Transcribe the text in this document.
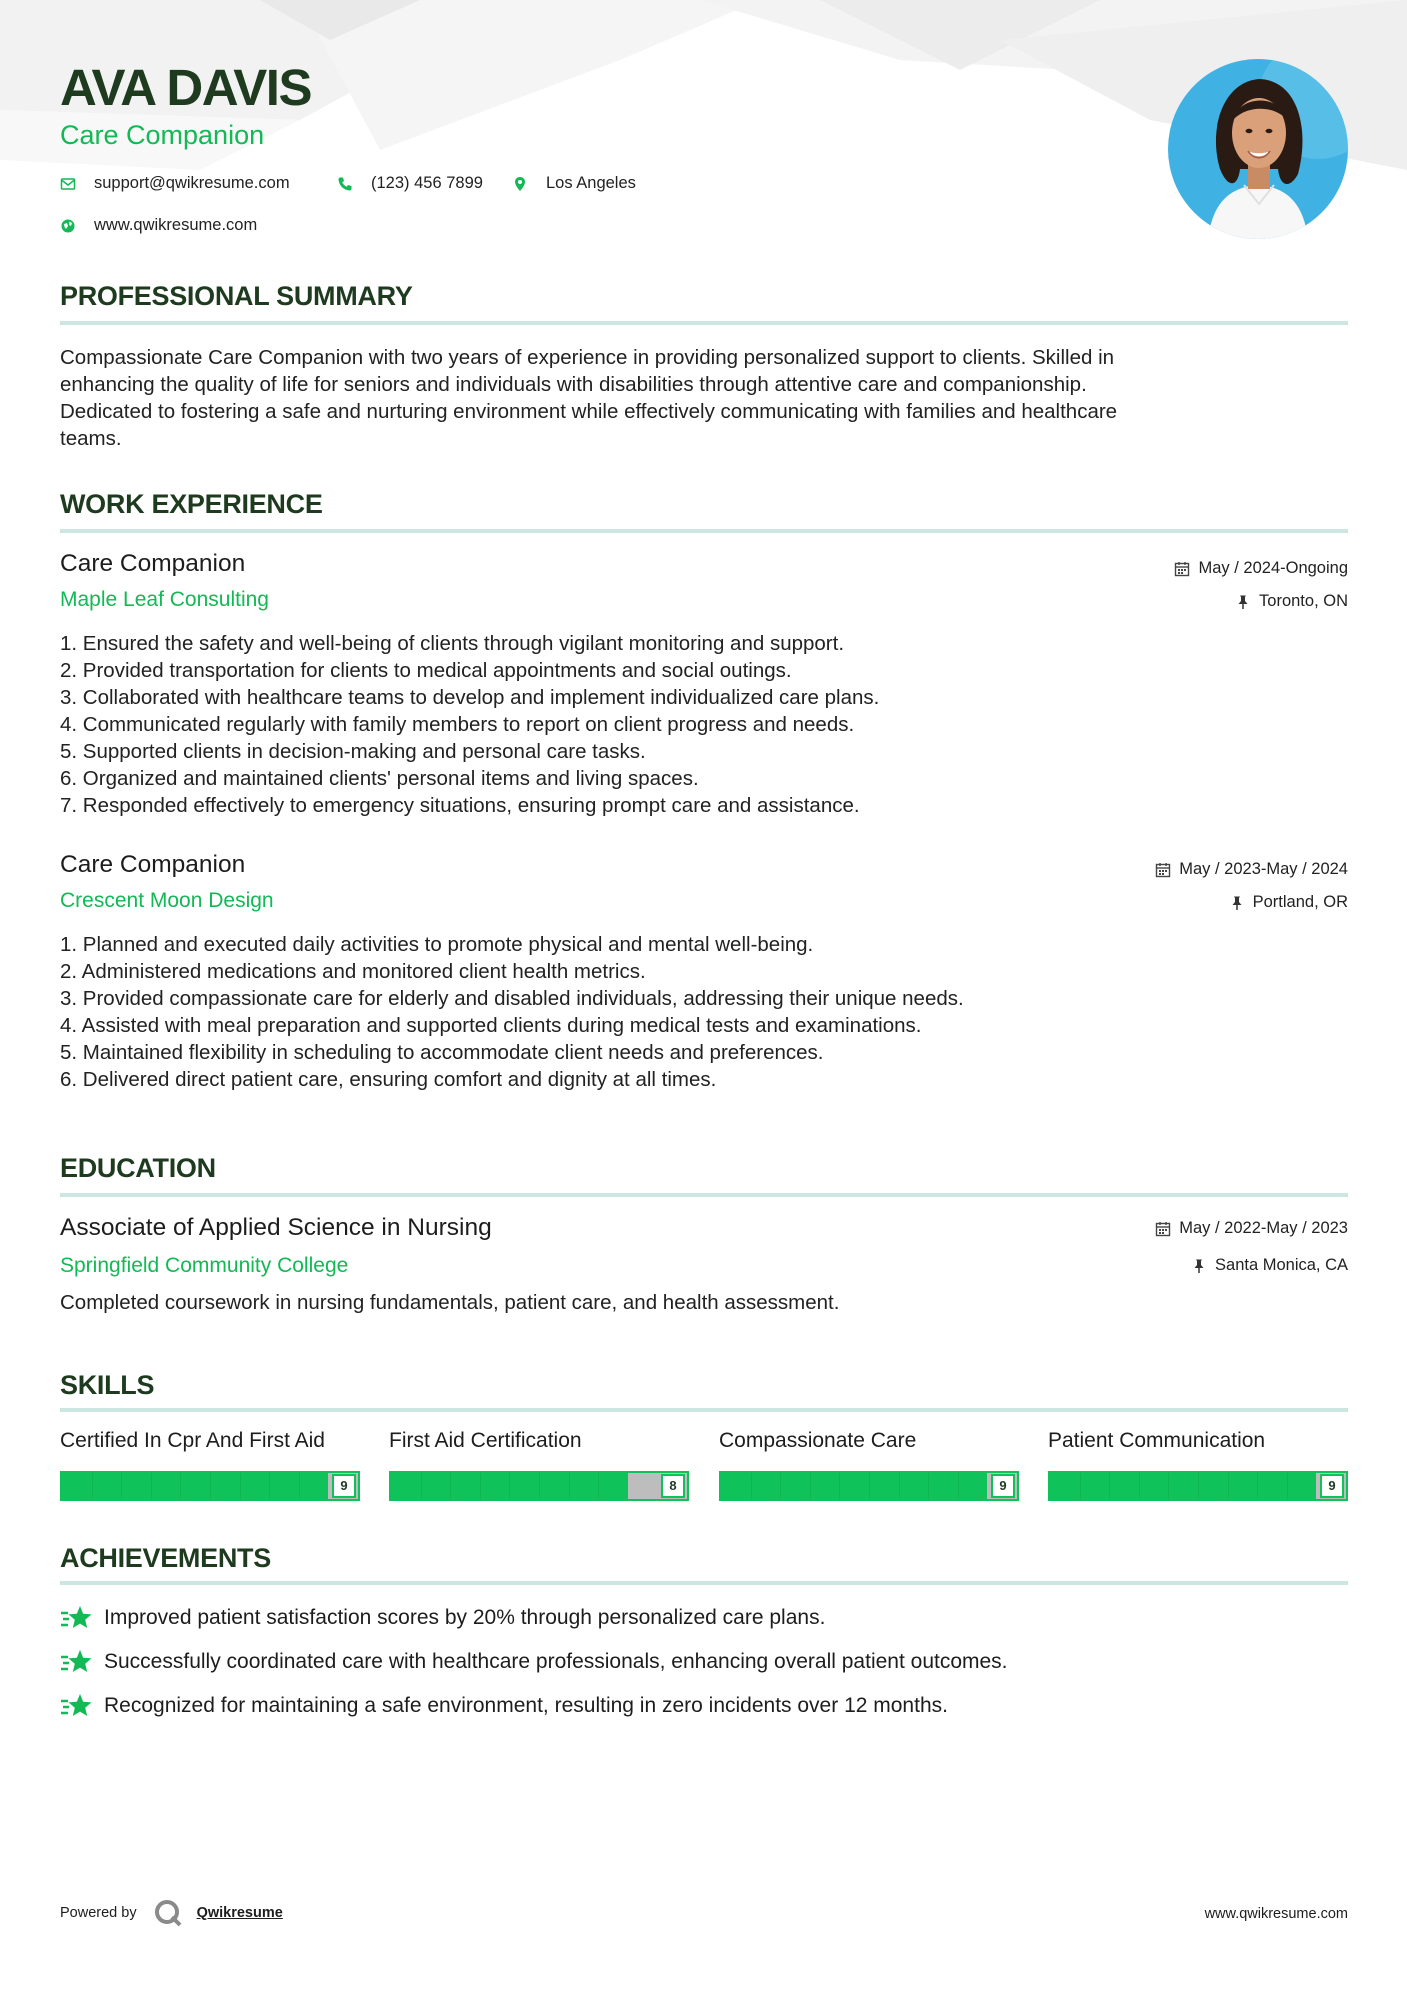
AVA DAVIS
Care Companion
support@qwikresume.com	(123) 456 7899	Los Angeles
www.qwikresume.com
PROFESSIONAL SUMMARY
Compassionate Care Companion with two years of experience in providing personalized support to clients. Skilled in
enhancing the quality of life for seniors and individuals with disabilities through attentive care and companionship.
Dedicated to fostering a safe and nurturing environment while effectively communicating with families and healthcare
teams.
WORK EXPERIENCE
Care Companion
Maple Leaf Consulting
May / 2024-Ongoing
Toronto, ON
1. Ensured the safety and well-being of clients through vigilant monitoring and support.
2. Provided transportation for clients to medical appointments and social outings.
3. Collaborated with healthcare teams to develop and implement individualized care plans.
4. Communicated regularly with family members to report on client progress and needs.
5. Supported clients in decision-making and personal care tasks.
6. Organized and maintained clients' personal items and living spaces.
7. Responded effectively to emergency situations, ensuring prompt care and assistance.
Care Companion
Crescent Moon Design
May / 2023-May / 2024
Portland, OR
1. Planned and executed daily activities to promote physical and mental well-being.
2. Administered medications and monitored client health metrics.
3. Provided compassionate care for elderly and disabled individuals, addressing their unique needs.
4. Assisted with meal preparation and supported clients during medical tests and examinations.
5. Maintained flexibility in scheduling to accommodate client needs and preferences.
6. Delivered direct patient care, ensuring comfort and dignity at all times.
EDUCATION
Associate of Applied Science in Nursing
Springfield Community College
May / 2022-May / 2023
Santa Monica, CA
Completed coursework in nursing fundamentals, patient care, and health assessment.
SKILLS
Certified In Cpr And First Aid
9
First Aid Certification
8
Compassionate Care
9
Patient Communication
9
ACHIEVEMENTS
Improved patient satisfaction scores by 20% through personalized care plans.
Successfully coordinated care with healthcare professionals, enhancing overall patient outcomes.
Recognized for maintaining a safe environment, resulting in zero incidents over 12 months.
Powered by	Qwikresume	www.qwikresume.com
